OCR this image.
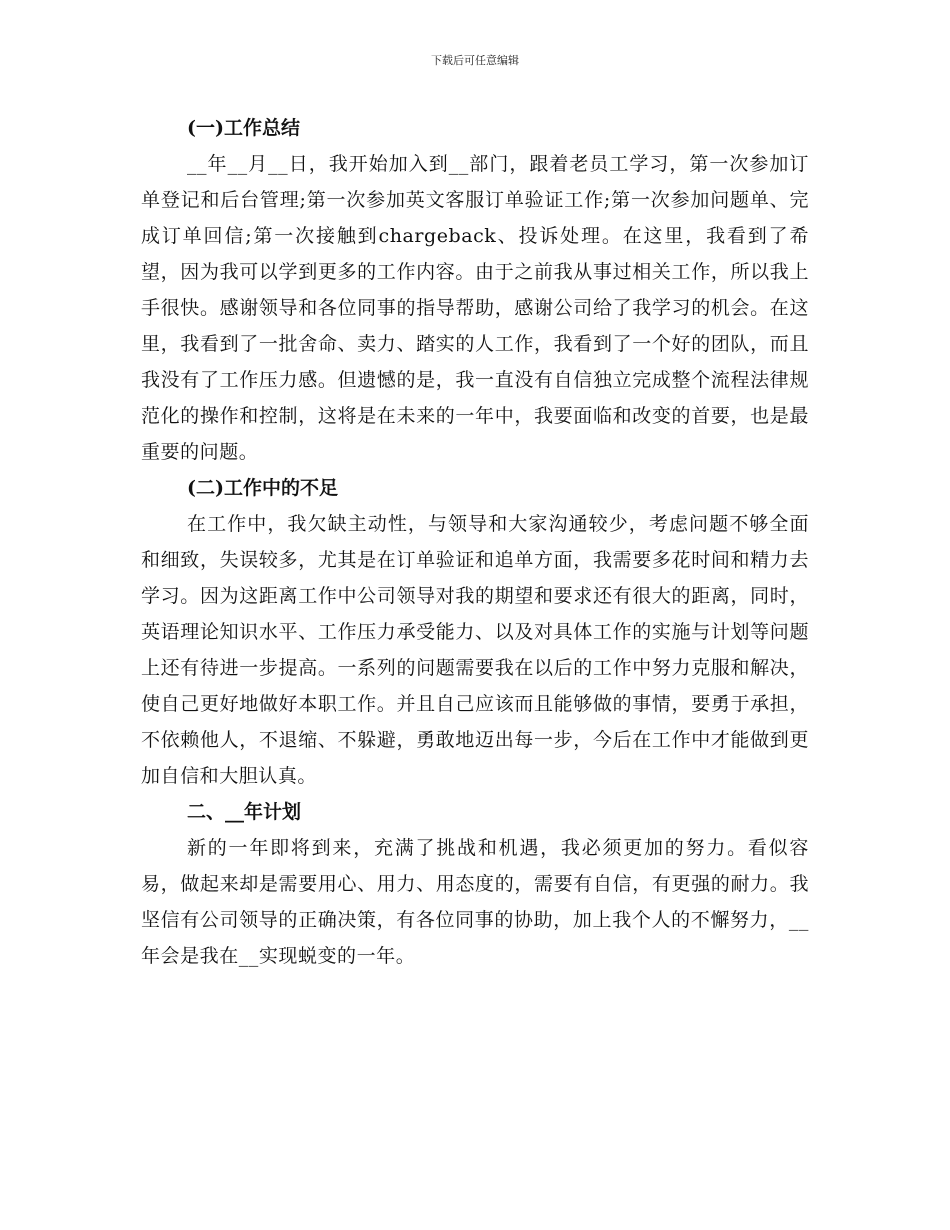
下载后可任意编辑

(一)工作总结

__年__月__日，我开始加入到__部门，跟着老员工学习，第一次参加订单登记和后台管理;第一次参加英文客服订单验证工作;第一次参加问题单、完成订单回信;第一次接触到chargeback、投诉处理。在这里，我看到了希望，因为我可以学到更多的工作内容。由于之前我从事过相关工作，所以我上手很快。感谢领导和各位同事的指导帮助，感谢公司给了我学习的机会。在这里，我看到了一批舍命、卖力、踏实的人工作，我看到了一个好的团队，而且我没有了工作压力感。但遗憾的是，我一直没有自信独立完成整个流程法律规范化的操作和控制，这将是在未来的一年中，我要面临和改变的首要，也是最重要的问题。

(二)工作中的不足

在工作中，我欠缺主动性，与领导和大家沟通较少，考虑问题不够全面和细致，失误较多，尤其是在订单验证和追单方面，我需要多花时间和精力去学习。因为这距离工作中公司领导对我的期望和要求还有很大的距离，同时，英语理论知识水平、工作压力承受能力、以及对具体工作的实施与计划等问题上还有待进一步提高。一系列的问题需要我在以后的工作中努力克服和解决，使自己更好地做好本职工作。并且自己应该而且能够做的事情，要勇于承担，不依赖他人，不退缩、不躲避，勇敢地迈出每一步，今后在工作中才能做到更加自信和大胆认真。

二、__年计划

新的一年即将到来，充满了挑战和机遇，我必须更加的努力。看似容易，做起来却是需要用心、用力、用态度的，需要有自信，有更强的耐力。我坚信有公司领导的正确决策，有各位同事的协助，加上我个人的不懈努力，__年会是我在__实现蜕变的一年。
